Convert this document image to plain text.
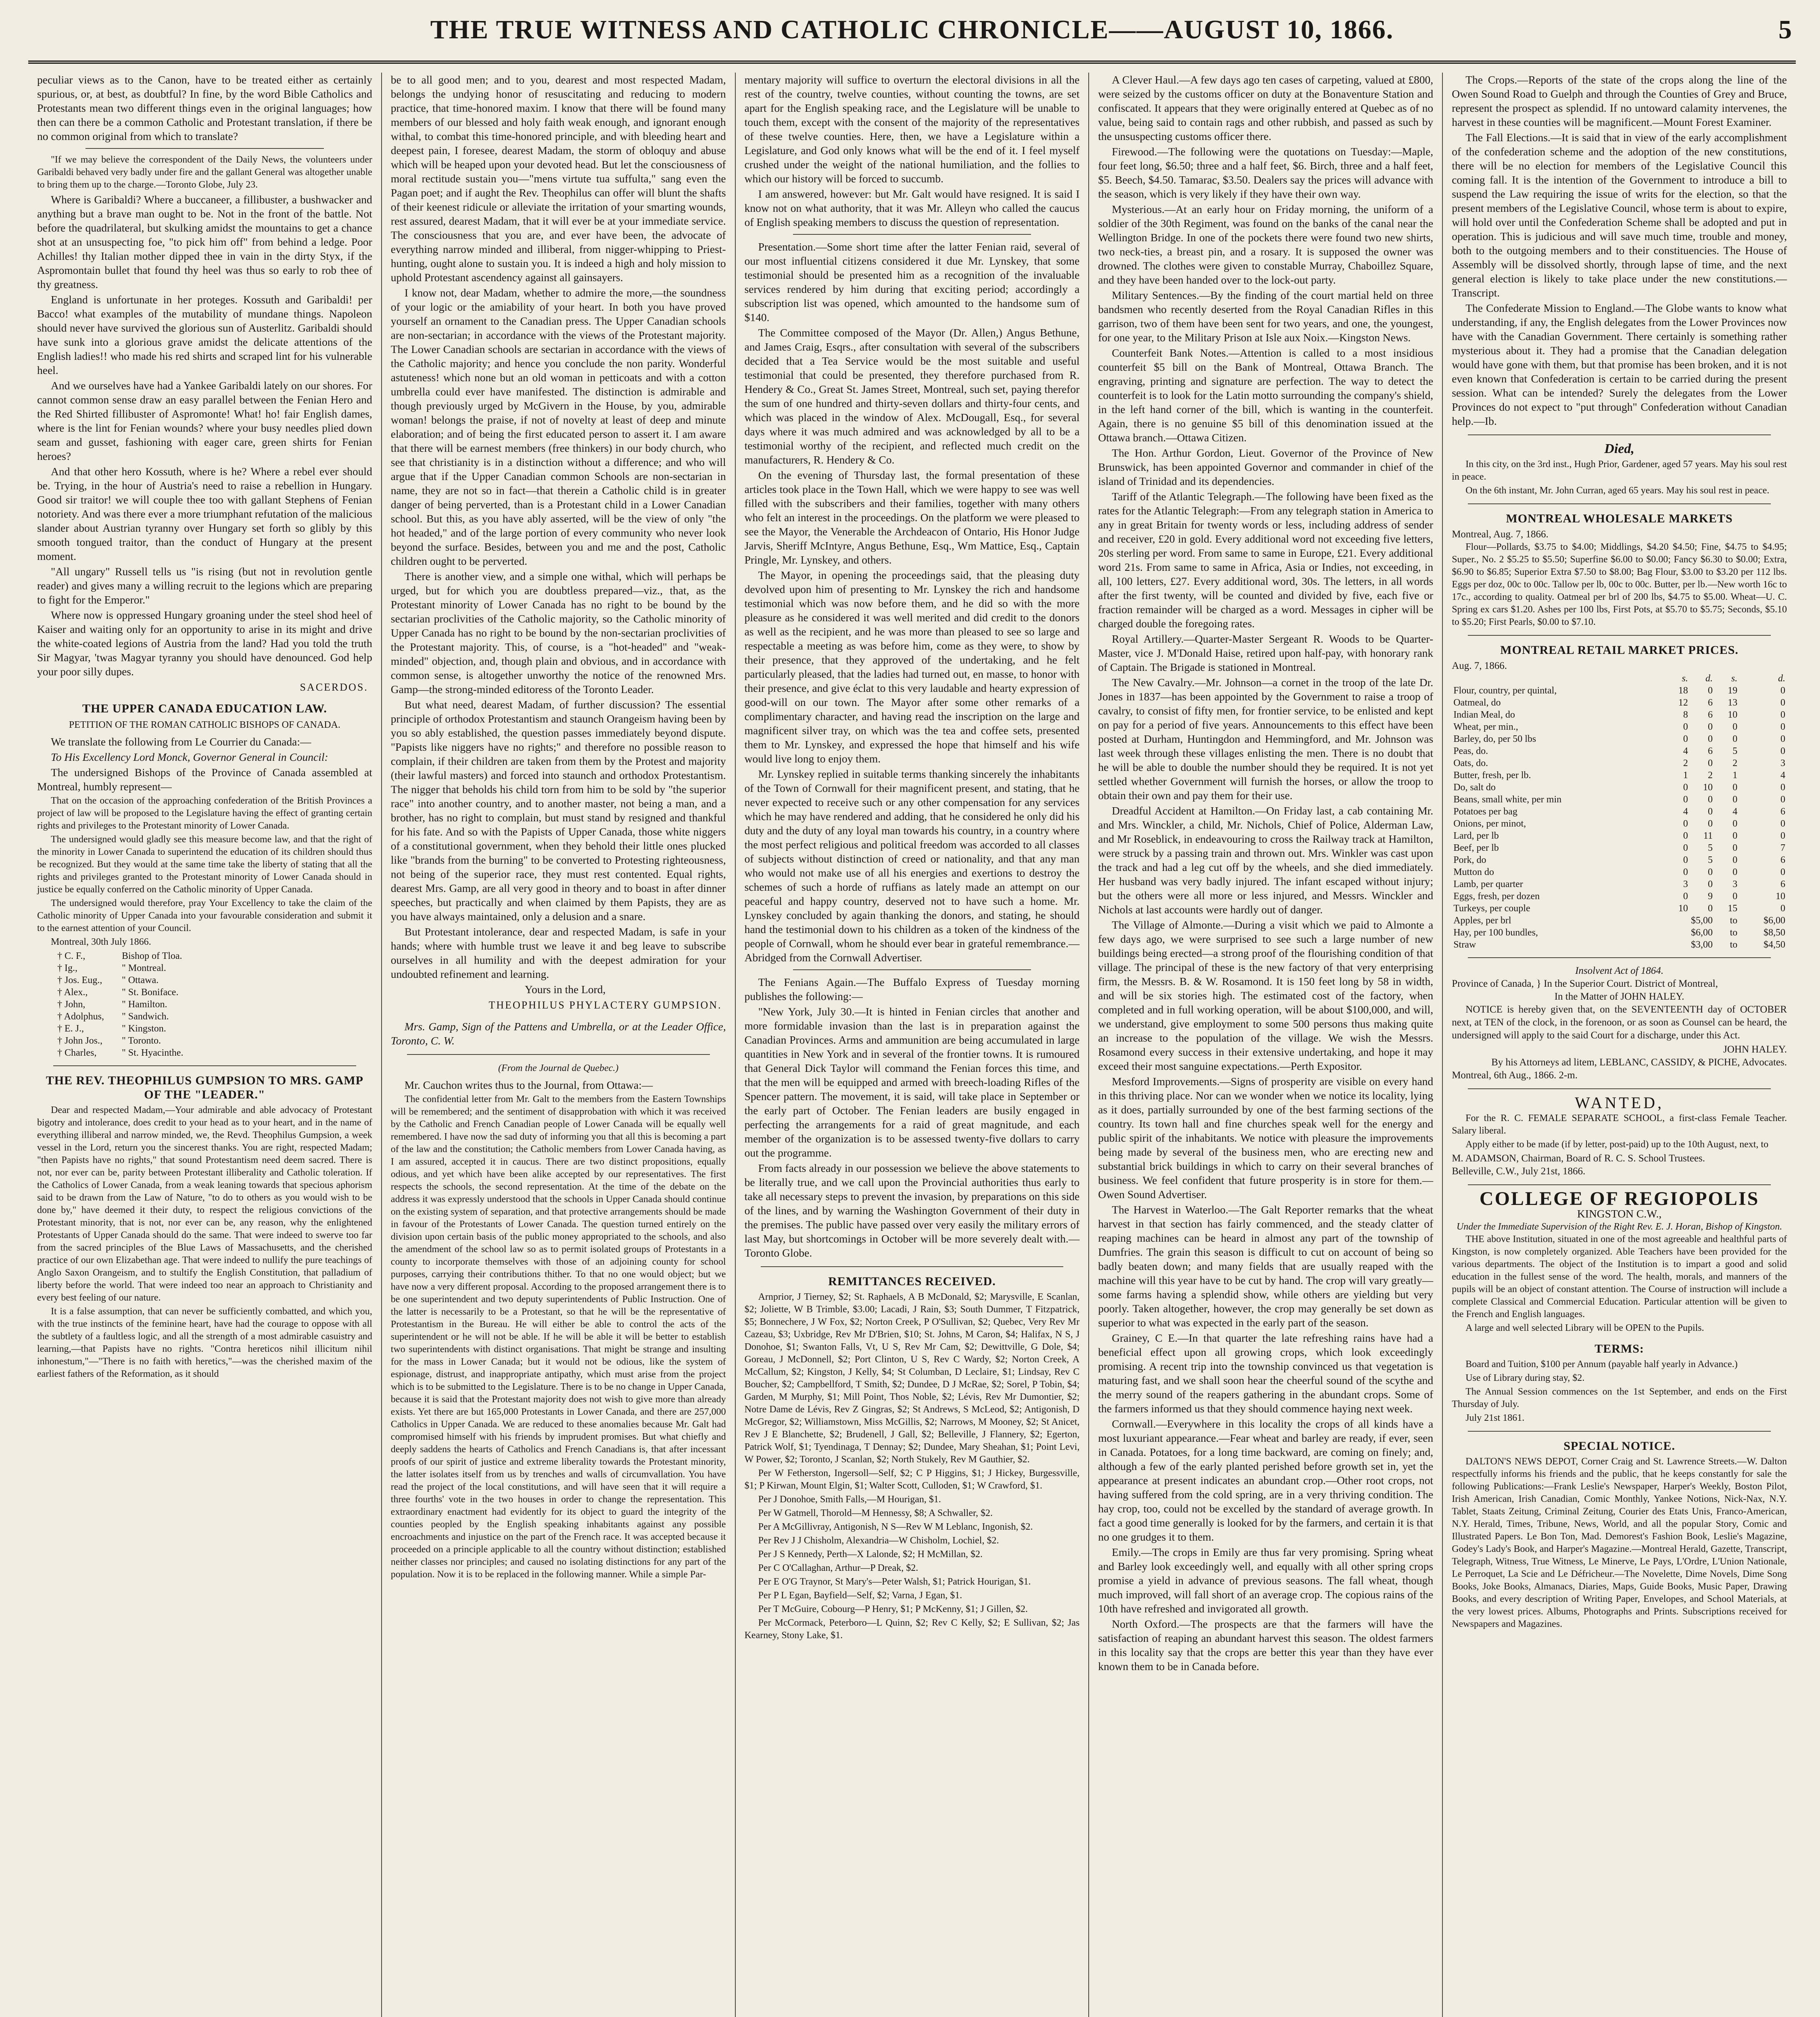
THE TRUE WITNESS AND CATHOLIC CHRONICLE——AUGUST 10, 1866.	5

peculiar views as to the Canon, have to be treated either as certainly spurious, or, at best, as doubtful? In fine, by the word Bible Catholics and Protestants mean two different things even in the original languages; how then can there be a common Catholic and Protestant translation, if there be no common original from which to translate?

"If we may believe the correspondent of the Daily News, the volunteers under Garibaldi behaved very badly under fire and the gallant General was altogether unable to bring them up to the charge.—Toronto Globe, July 23.

Where is Garibaldi? Where a buccaneer, a fillibuster, a bushwacker and anything but a brave man ought to be. Not in the front of the battle. Not before the quadrilateral, but skulking amidst the mountains to get a chance shot at an unsuspecting foe, "to pick him off" from behind a ledge. Poor Achilles! thy Italian mother dipped thee in vain in the dirty Styx, if the Aspromontain bullet that found thy heel was thus so early to rob thee of thy greatness.

England is unfortunate in her proteges. Kossuth and Garibaldi! per Bacco! what examples of the mutability of mundane things. Napoleon should never have survived the glorious sun of Austerlitz. Garibaldi should have sunk into a glorious grave amidst the delicate attentions of the English ladies!! who made his red shirts and scraped lint for his vulnerable heel.

And we ourselves have had a Yankee Garibaldi lately on our shores. For cannot common sense draw an easy parallel between the Fenian Hero and the Red Shirted fillibuster of Aspromonte! What! ho! fair English dames, where is the lint for Fenian wounds? where your busy needles plied down seam and gusset, fashioning with eager care, green shirts for Fenian heroes?

And that other hero Kossuth, where is he? Where a rebel ever should be. Trying, in the hour of Austria's need to raise a rebellion in Hungary. Good sir traitor! we will couple thee too with gallant Stephens of Fenian notoriety. And was there ever a more triumphant refutation of the malicious slander about Austrian tyranny over Hungary set forth so glibly by this smooth tongued traitor, than the conduct of Hungary at the present moment.

"All ungary" Russell tells us "is rising (but not in revolution gentle reader) and gives many a willing recruit to the legions which are preparing to fight for the Emperor."

Where now is oppressed Hungary groaning under the steel shod heel of Kaiser and waiting only for an opportunity to arise in its might and drive the white-coated legions of Austria from the land? Had you told the truth Sir Magyar, 'twas Magyar tyranny you should have denounced. God help your poor silly dupes.

SACERDOS.
THE UPPER CANADA EDUCATION LAW.
PETITION OF THE ROMAN CATHOLIC BISHOPS OF CANADA.

We translate the following from Le Courrier du Canada:—

To His Excellency Lord Monck, Governor General in Council:

The undersigned Bishops of the Province of Canada assembled at Montreal, humbly represent—

That on the occasion of the approaching confederation of the British Provinces a project of law will be proposed to the Legislature having the effect of granting certain rights and privileges to the Protestant minority of Lower Canada.

The undersigned would gladly see this measure become law, and that the right of the minority in Lower Canada to superintend the education of its children should thus be recognized. But they would at the same time take the liberty of stating that all the rights and privileges granted to the Protestant minority of Lower Canada should in justice be equally conferred on the Catholic minority of Upper Canada.

The undersigned would therefore, pray Your Excellency to take the claim of the Catholic minority of Upper Canada into your favourable consideration and submit it to the earnest attention of your Council.

Montreal, 30th July 1866.

† C. F.,	Bishop of Tloa.
† Ig.,	" Montreal.
† Jos. Eug., " Ottawa.
† Alex.,	" St. Boniface.
† John,	" Hamilton.
† Adolphus, " Sandwich.
† E. J.,	" Kingston.
† John Jos., " Toronto.
† Charles,	" St. Hyacinthe.
THE REV. THEOPHILUS GUMPSION TO MRS. GAMP OF THE "LEADER."

Dear and respected Madam,—Your admirable and able advocacy of Protestant bigotry and intolerance, does credit to your head as to your heart, and in the name of everything illiberal and narrow minded, we, the Revd. Theophilus Gumpsion, a week vessel in the Lord, return you the sincerest thanks. You are right, respected Madam; "then Papists have no rights," that sound Protestantism need deem sacred. There is not, nor ever can be, parity between Protestant illiberality and Catholic toleration. If the Catholics of Lower Canada, from a weak leaning towards that specious aphorism said to be drawn from the Law of Nature, "to do to others as you would wish to be done by," have deemed it their duty, to respect the religious convictions of the Protestant minority, that is not, nor ever can be, any reason, why the enlightened Protestants of Upper Canada should do the same. That were indeed to swerve too far from the sacred principles of the Blue Laws of Massachusetts, and the cherished practice of our own Elizabethan age. That were indeed to nullify the pure teachings of Anglo Saxon Orangeism, and to stultify the English Constitution, that palladium of liberty before the world. That were indeed too near an approach to Christianity and every best feeling of our nature.

It is a false assumption, that can never be sufficiently combatted, and which you, with the true instincts of the feminine heart, have had the courage to oppose with all the subtlety of a faultless logic, and all the strength of a most admirable casuistry and learning,—that Papists have no rights. "Contra hereticos nihil illicitum nihil inhonestum,"—"There is no faith with heretics,"—was the cherished maxim of the earliest fathers of the Reformation, as it should

be to all good men; and to you, dearest and most respected Madam, belongs the undying honor of resuscitating and reducing to modern practice, that time-honored maxim. I know that there will be found many members of our blessed and holy faith weak enough, and ignorant enough withal, to combat this time-honored principle, and with bleeding heart and deepest pain, I foresee, dearest Madam, the storm of obloquy and abuse which will be heaped upon your devoted head. But let the consciousness of moral rectitude sustain you—"mens virtute tua suffulta," sang even the Pagan poet; and if aught the Rev. Theophilus can offer will blunt the shafts of their keenest ridicule or alleviate the irritation of your smarting wounds, rest assured, dearest Madam, that it will ever be at your immediate service. The consciousness that you are, and ever have been, the advocate of everything narrow minded and illiberal, from nigger-whipping to Priest-hunting, ought alone to sustain you. It is indeed a high and holy mission to uphold Protestant ascendency against all gainsayers.

I know not, dear Madam, whether to admire the more,—the soundness of your logic or the amiability of your heart. In both you have proved yourself an ornament to the Canadian press. The Upper Canadian schools are non-sectarian; in accordance with the views of the Protestant majority. The Lower Canadian schools are sectarian in accordance with the views of the Catholic majority; and hence you conclude the non parity. Wonderful astuteness! which none but an old woman in petticoats and with a cotton umbrella could ever have manifested. The distinction is admirable and though previously urged by McGivern in the House, by you, admirable woman! belongs the praise, if not of novelty at least of deep and minute elaboration; and of being the first educated person to assert it. I am aware that there will be earnest members (free thinkers) in our body church, who see that christianity is in a distinction without a difference; and who will argue that if the Upper Canadian common Schools are non-sectarian in name, they are not so in fact—that therein a Catholic child is in greater danger of being perverted, than is a Protestant child in a Lower Canadian school. But this, as you have ably asserted, will be the view of only "the hot headed," and of the large portion of every community who never look beyond the surface. Besides, between you and me and the post, Catholic children ought to be perverted.

There is another view, and a simple one withal, which will perhaps be urged, but for which you are doubtless prepared—viz., that, as the Protestant minority of Lower Canada has no right to be bound by the sectarian proclivities of the Catholic majority, so the Catholic minority of Upper Canada has no right to be bound by the non-sectarian proclivities of the Protestant majority. This, of course, is a "hot-headed" and "weak-minded" objection, and, though plain and obvious, and in accordance with common sense, is altogether unworthy the notice of the renowned Mrs. Gamp—the strong-minded editoress of the Toronto Leader.

But what need, dearest Madam, of further discussion? The essential principle of orthodox Protestantism and staunch Orangeism having been by you so ably established, the question passes immediately beyond dispute. "Papists like niggers have no rights;" and therefore no possible reason to complain, if their children are taken from them by the Protest and majority (their lawful masters) and forced into staunch and orthodox Protestantism. The nigger that beholds his child torn from him to be sold by "the superior race" into another country, and to another master, not being a man, and a brother, has no right to complain, but must stand by resigned and thankful for his fate. And so with the Papists of Upper Canada, those white niggers of a constitutional government, when they behold their little ones plucked like "brands from the burning" to be converted to Protesting righteousness, not being of the superior race, they must rest contented. Equal rights, dearest Mrs. Gamp, are all very good in theory and to boast in after dinner speeches, but practically and when claimed by them Papists, they are as you have always maintained, only a delusion and a snare.

But Protestant intolerance, dear and respected Madam, is safe in your hands; where with humble trust we leave it and beg leave to subscribe ourselves in all humility and with the deepest admiration for your undoubted refinement and learning.

Yours in the Lord,

THEOPHILUS PHYLACTERY GUMPSION.

Mrs. Gamp, Sign of the Pattens and Umbrella, or at the Leader Office, Toronto, C. W.

(From the Journal de Quebec.)

Mr. Cauchon writes thus to the Journal, from Ottawa:—

The confidential letter from Mr. Galt to the members from the Eastern Townships will be remembered; and the sentiment of disapprobation with which it was received by the Catholic and French Canadian people of Lower Canada will be equally well remembered. I have now the sad duty of informing you that all this is becoming a part of the law and the constitution; the Catholic members from Lower Canada having, as I am assured, accepted it in caucus. There are two distinct propositions, equally odious, and yet which have been alike accepted by our representatives. The first respects the schools, the second representation. At the time of the debate on the address it was expressly understood that the schools in Upper Canada should continue on the existing system of separation, and that protective arrangements should be made in favour of the Protestants of Lower Canada. The question turned entirely on the division upon certain basis of the public money appropriated to the schools, and also the amendment of the school law so as to permit isolated groups of Protestants in a county to incorporate themselves with those of an adjoining county for school purposes, carrying their contributions thither. To that no one would object; but we have now a very different proposal. According to the proposed arrangement there is to be one superintendent and two deputy superintendents of Public Instruction. One of the latter is necessarily to be a Protestant, so that he will be the representative of Protestantism in the Bureau. He will either be able to control the acts of the superintendent or he will not be able. If he will be able it will be better to establish two superintendents with distinct organisations. That might be strange and insulting for the mass in Lower Canada; but it would not be odious, like the system of espionage, distrust, and inappropriate antipathy, which must arise from the project which is to be submitted to the Legislature. There is to be no change in Upper Canada, because it is said that the Protestant majority does not wish to give more than already exists. Yet there are but 165,000 Protestants in Lower Canada, and there are 257,000 Catholics in Upper Canada. We are reduced to these anomalies because Mr. Galt had compromised himself with his friends by imprudent promises. But what chiefly and deeply saddens the hearts of Catholics and French Canadians is, that after incessant proofs of our spirit of justice and extreme liberality towards the Protestant minority, the latter isolates itself from us by trenches and walls of circumvallation. You have read the project of the local constitutions, and will have seen that it will require a three fourths' vote in the two houses in order to change the representation. This extraordinary enactment had evidently for its object to guard the integrity of the counties peopled by the English speaking inhabitants against any possible encroachments and injustice on the part of the French race. It was accepted because it proceeded on a principle applicable to all the country without distinction; established neither classes nor principles; and caused no isolating distinctions for any part of the population. Now it is to be replaced in the following manner. While a simple Par-

mentary majority will suffice to overturn the electoral divisions in all the rest of the country, twelve counties, without counting the towns, are set apart for the English speaking race, and the Legislature will be unable to touch them, except with the consent of the majority of the representatives of these twelve counties. Here, then, we have a Legislature within a Legislature, and God only knows what will be the end of it. I feel myself crushed under the weight of the national humiliation, and the follies to which our history will be forced to succumb.

I am answered, however: but Mr. Galt would have resigned. It is said I know not on what authority, that it was Mr. Alleyn who called the caucus of English speaking members to discuss the question of representation.

Presentation.—Some short time after the latter Fenian raid, several of our most influential citizens considered it due Mr. Lynskey, that some testimonial should be presented him as a recognition of the invaluable services rendered by him during that exciting period; accordingly a subscription list was opened, which amounted to the handsome sum of $140.

The Committee composed of the Mayor (Dr. Allen,) Angus Bethune, and James Craig, Esqrs., after consultation with several of the subscribers decided that a Tea Service would be the most suitable and useful testimonial that could be presented, they therefore purchased from R. Hendery & Co., Great St. James Street, Montreal, such set, paying therefor the sum of one hundred and thirty-seven dollars and thirty-four cents, and which was placed in the window of Alex. McDougall, Esq., for several days where it was much admired and was acknowledged by all to be a testimonial worthy of the recipient, and reflected much credit on the manufacturers, R. Hendery & Co.

On the evening of Thursday last, the formal presentation of these articles took place in the Town Hall, which we were happy to see was well filled with the subscribers and their families, together with many others who felt an interest in the proceedings. On the platform we were pleased to see the Mayor, the Venerable the Archdeacon of Ontario, His Honor Judge Jarvis, Sheriff McIntyre, Angus Bethune, Esq., Wm Mattice, Esq., Captain Pringle, Mr. Lynskey, and others.

The Mayor, in opening the proceedings said, that the pleasing duty devolved upon him of presenting to Mr. Lynskey the rich and handsome testimonial which was now before them, and he did so with the more pleasure as he considered it was well merited and did credit to the donors as well as the recipient, and he was more than pleased to see so large and respectable a meeting as was before him, come as they were, to show by their presence, that they approved of the undertaking, and he felt particularly pleased, that the ladies had turned out, en masse, to honor with their presence, and give éclat to this very laudable and hearty expression of good-will on our town. The Mayor after some other remarks of a complimentary character, and having read the inscription on the large and magnificent silver tray, on which was the tea and coffee sets, presented them to Mr. Lynskey, and expressed the hope that himself and his wife would live long to enjoy them.

Mr. Lynskey replied in suitable terms thanking sincerely the inhabitants of the Town of Cornwall for their magnificent present, and stating, that he never expected to receive such or any other compensation for any services which he may have rendered and adding, that he considered he only did his duty and the duty of any loyal man towards his country, in a country where the most perfect religious and political freedom was accorded to all classes of subjects without distinction of creed or nationality, and that any man who would not make use of all his energies and exertions to destroy the schemes of such a horde of ruffians as lately made an attempt on our peaceful and happy country, deserved not to have such a home. Mr. Lynskey concluded by again thanking the donors, and stating, he should hand the testimonial down to his children as a token of the kindness of the people of Cornwall, whom he should ever bear in grateful remembrance.—Abridged from the Cornwall Advertiser.

The Fenians Again.—The Buffalo Express of Tuesday morning publishes the following:—

"New York, July 30.—It is hinted in Fenian circles that another and more formidable invasion than the last is in preparation against the Canadian Provinces. Arms and ammunition are being accumulated in large quantities in New York and in several of the frontier towns. It is rumoured that General Dick Taylor will command the Fenian forces this time, and that the men will be equipped and armed with breech-loading Rifles of the Spencer pattern. The movement, it is said, will take place in September or the early part of October. The Fenian leaders are busily engaged in perfecting the arrangements for a raid of great magnitude, and each member of the organization is to be assessed twenty-five dollars to carry out the programme.

From facts already in our possession we believe the above statements to be literally true, and we call upon the Provincial authorities thus early to take all necessary steps to prevent the invasion, by preparations on this side of the lines, and by warning the Washington Government of their duty in the premises. The public have passed over very easily the military errors of last May, but shortcomings in October will be more severely dealt with.—Toronto Globe.

REMITTANCES RECEIVED.

Arnprior, J Tierney, $2; St. Raphaels, A B McDonald, $2; Marysville, E Scanlan, $2; Joliette, W B Trimble, $3.00; Lacadi, J Rain, $3; South Dummer, T Fitzpatrick, $5; Bonnechere, J W Fox, $2; Norton Creek, P O'Sullivan, $2; Quebec, Very Rev Mr Cazeau, $3; Uxbridge, Rev Mr D'Brien, $10; St. Johns, M Caron, $4; Halifax, N S, J Donohoe, $1; Swanton Falls, Vt, U S, Rev Mr Cam, $2; Dewittville, G Dole, $4; Goreau, J McDonnell, $2; Port Clinton, U S, Rev C Wardy, $2; Norton Creek, A McCallum, $2; Kingston, J Kelly, $4; St Columban, D Leclaire, $1; Lindsay, Rev C Boucher, $2; Campbellford, T Smith, $2; Dundee, D J McRae, $2; Sorel, P Tobin, $4; Garden, M Murphy, $1; Mill Point, Thos Noble, $2; Lévis, Rev Mr Dumontier, $2; Notre Dame de Lévis, Rev Z Gingras, $2; St Andrews, S McLeod, $2; Antigonish, D McGregor, $2; Williamstown, Miss McGillis, $2; Narrows, M Mooney, $2; St Anicet, Rev J E Blanchette, $2; Brudenell, J Gall, $2; Belleville, J Flannery, $2; Egerton, Patrick Wolf, $1; Tyendinaga, T Dennay; $2; Dundee, Mary Sheahan, $1; Point Levi, W Power, $2; Toronto, J Scanlan, $2; North Stukely, Rev M Gauthier, $2.

Per W Fetherston, Ingersoll—Self, $2; C P Higgins, $1; J Hickey, Burgessville, $1; P Kirwan, Mount Elgin, $1; Walter Scott, Culloden, $1; W Crawford, $1.

Per J Donohoe, Smith Falls,—M Hourigan, $1.

Per W Gatmell, Thorold—M Hennessy, $8; A Schwaller, $2.

Per A McGillivray, Antigonish, N S—Rev W M Leblanc, Ingonish, $2.

Per Rev J J Chisholm, Alexandria—W Chisholm, Lochiel, $2.

Per J S Kennedy, Perth—X Lalonde, $2; H McMillan, $2.

Per C O'Callaghan, Arthur—P Dreak, $2.

Per E O'G Traynor, St Mary's—Peter Walsh, $1; Patrick Hourigan, $1.

Per P L Egan, Bayfield—Self, $2; Varna, J Egan, $1.

Per T McGuire, Cobourg—P Henry, $1; P McKenny, $1; J Gillen, $2.

Per McCormack, Peterboro—L Quinn, $2; Rev C Kelly, $2; E Sullivan, $2; Jas Kearney, Stony Lake, $1.

A Clever Haul.—A few days ago ten cases of carpeting, valued at £800, were seized by the customs officer on duty at the Bonaventure Station and confiscated. It appears that they were originally entered at Quebec as of no value, being said to contain rags and other rubbish, and passed as such by the unsuspecting customs officer there.

Firewood.—The following were the quotations on Tuesday:—Maple, four feet long, $6.50; three and a half feet, $6. Birch, three and a half feet, $5. Beech, $4.50. Tamarac, $3.50. Dealers say the prices will advance with the season, which is very likely if they have their own way.

Mysterious.—At an early hour on Friday morning, the uniform of a soldier of the 30th Regiment, was found on the banks of the canal near the Wellington Bridge. In one of the pockets there were found two new shirts, two neck-ties, a breast pin, and a rosary. It is supposed the owner was drowned. The clothes were given to constable Murray, Chaboillez Square, and they have been handed over to the lock-out party.

Military Sentences.—By the finding of the court martial held on three bandsmen who recently deserted from the Royal Canadian Rifles in this garrison, two of them have been sent for two years, and one, the youngest, for one year, to the Military Prison at Isle aux Noix.—Kingston News.

Counterfeit Bank Notes.—Attention is called to a most insidious counterfeit $5 bill on the Bank of Montreal, Ottawa Branch. The engraving, printing and signature are perfection. The way to detect the counterfeit is to look for the Latin motto surrounding the company's shield, in the left hand corner of the bill, which is wanting in the counterfeit. Again, there is no genuine $5 bill of this denomination issued at the Ottawa branch.—Ottawa Citizen.

The Hon. Arthur Gordon, Lieut. Governor of the Province of New Brunswick, has been appointed Governor and commander in chief of the island of Trinidad and its dependencies.

Tariff of the Atlantic Telegraph.—The following have been fixed as the rates for the Atlantic Telegraph:—From any telegraph station in America to any in great Britain for twenty words or less, including address of sender and receiver, £20 in gold. Every additional word not exceeding five letters, 20s sterling per word. From same to same in Europe, £21. Every additional word 21s. From same to same in Africa, Asia or Indies, not exceeding, in all, 100 letters, £27. Every additional word, 30s. The letters, in all words after the first twenty, will be counted and divided by five, each five or fraction remainder will be charged as a word. Messages in cipher will be charged double the foregoing rates.

Royal Artillery.—Quarter-Master Sergeant R. Woods to be Quarter-Master, vice J. M'Donald Haise, retired upon half-pay, with honorary rank of Captain. The Brigade is stationed in Montreal.

The New Cavalry.—Mr. Johnson—a cornet in the troop of the late Dr. Jones in 1837—has been appointed by the Government to raise a troop of cavalry, to consist of fifty men, for frontier service, to be enlisted and kept on pay for a period of five years. Announcements to this effect have been posted at Durham, Huntingdon and Hemmingford, and Mr. Johnson was last week through these villages enlisting the men. There is no doubt that he will be able to double the number should they be required. It is not yet settled whether Government will furnish the horses, or allow the troop to obtain their own and pay them for their use.

Dreadful Accident at Hamilton.—On Friday last, a cab containing Mr. and Mrs. Winckler, a child, Mr. Nichols, Chief of Police, Alderman Law, and Mr Roseblick, in endeavouring to cross the Railway track at Hamilton, were struck by a passing train and thrown out. Mrs. Winkler was cast upon the track and had a leg cut off by the wheels, and she died immediately. Her husband was very badly injured. The infant escaped without injury; but the others were all more or less injured, and Messrs. Winckler and Nichols at last accounts were hardly out of danger.

The Village of Almonte.—During a visit which we paid to Almonte a few days ago, we were surprised to see such a large number of new buildings being erected—a strong proof of the flourishing condition of that village. The principal of these is the new factory of that very enterprising firm, the Messrs. B. & W. Rosamond. It is 150 feet long by 58 in width, and will be six stories high. The estimated cost of the factory, when completed and in full working operation, will be about $100,000, and will, we understand, give employment to some 500 persons thus making quite an increase to the population of the village. We wish the Messrs. Rosamond every success in their extensive undertaking, and hope it may exceed their most sanguine expectations.—Perth Expositor.

Mesford Improvements.—Signs of prosperity are visible on every hand in this thriving place. Nor can we wonder when we notice its locality, lying as it does, partially surrounded by one of the best farming sections of the country. Its town hall and fine churches speak well for the energy and public spirit of the inhabitants. We notice with pleasure the improvements being made by several of the business men, who are erecting new and substantial brick buildings in which to carry on their several branches of business. We feel confident that future prosperity is in store for them.—Owen Sound Advertiser.

The Harvest in Waterloo.—The Galt Reporter remarks that the wheat harvest in that section has fairly commenced, and the steady clatter of reaping machines can be heard in almost any part of the township of Dumfries. The grain this season is difficult to cut on account of being so badly beaten down; and many fields that are usually reaped with the machine will this year have to be cut by hand. The crop will vary greatly—some farms having a splendid show, while others are yielding but very poorly. Taken altogether, however, the crop may generally be set down as superior to what was expected in the early part of the season.

Grainey, C E.—In that quarter the late refreshing rains have had a beneficial effect upon all growing crops, which look exceedingly promising. A recent trip into the township convinced us that vegetation is maturing fast, and we shall soon hear the cheerful sound of the scythe and the merry sound of the reapers gathering in the abundant crops. Some of the farmers informed us that they should commence haying next week.

Cornwall.—Everywhere in this locality the crops of all kinds have a most luxuriant appearance.—Fear wheat and barley are ready, if ever, seen in Canada. Potatoes, for a long time backward, are coming on finely; and, although a few of the early planted perished before growth set in, yet the appearance at present indicates an abundant crop.—Other root crops, not having suffered from the cold spring, are in a very thriving condition. The hay crop, too, could not be excelled by the standard of average growth. In fact a good time generally is looked for by the farmers, and certain it is that no one grudges it to them.

Emily.—The crops in Emily are thus far very promising. Spring wheat and Barley look exceedingly well, and equally with all other spring crops promise a yield in advance of previous seasons. The fall wheat, though much improved, will fall short of an average crop. The copious rains of the 10th have refreshed and invigorated all growth.

North Oxford.—The prospects are that the farmers will have the satisfaction of reaping an abundant harvest this season. The oldest farmers in this locality say that the crops are better this year than they have ever known them to be in Canada before.

The Crops.—Reports of the state of the crops along the line of the Owen Sound Road to Guelph and through the Counties of Grey and Bruce, represent the prospect as splendid. If no untoward calamity intervenes, the harvest in these counties will be magnificent.—Mount Forest Examiner.

The Fall Elections.—It is said that in view of the early accomplishment of the confederation scheme and the adoption of the new constitutions, there will be no election for members of the Legislative Council this coming fall. It is the intention of the Government to introduce a bill to suspend the Law requiring the issue of writs for the election, so that the present members of the Legislative Council, whose term is about to expire, will hold over until the Confederation Scheme shall be adopted and put in operation. This is judicious and will save much time, trouble and money, both to the outgoing members and to their constituencies. The House of Assembly will be dissolved shortly, through lapse of time, and the next general election is likely to take place under the new constitutions.—Transcript.

The Confederate Mission to England.—The Globe wants to know what understanding, if any, the English delegates from the Lower Provinces now have with the Canadian Government. There certainly is something rather mysterious about it. They had a promise that the Canadian delegation would have gone with them, but that promise has been broken, and it is not even known that Confederation is certain to be carried during the present session. What can be intended? Surely the delegates from the Lower Provinces do not expect to "put through" Confederation without Canadian help.—Ib.

Died,

In this city, on the 3rd inst., Hugh Prior, Gardener, aged 57 years. May his soul rest in peace.

On the 6th instant, Mr. John Curran, aged 65 years. May his soul rest in peace.

MONTREAL WHOLESALE MARKETS
Montreal, Aug. 7, 1866.

Flour—Pollards, $3.75 to $4.00; Middlings, $4.20 $4.50; Fine, $4.75 to $4.95; Super., No. 2 $5.25 to $5.50; Superfine $6.00 to $0.00; Fancy $6.30 to $0.00; Extra, $6.90 to $6.85; Superior Extra $7.50 to $8.00; Bag Flour, $3.00 to $3.20 per 112 lbs. Eggs per doz, 00c to 00c. Tallow per lb, 00c to 00c. Butter, per lb.—New worth 16c to 17c., according to quality. Oatmeal per brl of 200 lbs, $4.75 to $5.00. Wheat—U. C. Spring ex cars $1.20. Ashes per 100 lbs, First Pots, at $5.70 to $5.75; Seconds, $5.10 to $5.20; First Pearls, $0.00 to $7.10.

MONTREAL RETAIL MARKET PRICES.
Aug. 7, 1866.
	s.	d.	s.	d.
Flour, country, per quintal,	18	0	19	0
Oatmeal, do	12	6	13	0
Indian Meal, do	8	6	10	0
Wheat, per min.,	0	0	0	0
Barley, do, per 50 lbs	0	0	0	0
Peas, do.	4	6	5	0
Oats, do.	2	0	2	3
Butter, fresh, per lb.	1	2	1	4
Do, salt do	0	10	0	0
Beans, small white, per min	0	0	0	0
Potatoes per bag	4	0	4	6
Onions, per minot,	0	0	0	0
Lard, per lb	0	11	0	0
Beef, per lb	0	5	0	7
Pork, do	0	5	0	6
Mutton do	0	0	0	0
Lamb, per quarter	3	0	3	6
Eggs, fresh, per dozen	0	9	0	10
Turkeys, per couple	10	0	15	0
Apples, per brl	$5,00		to	$6,00
Hay, per 100 bundles,	$6,00		to	$8,50
Straw	$3,00		to	$4,50
Insolvent Act of 1864.
Province of Canada, } In the Superior Court. District of Montreal,
In the Matter of JOHN HALEY.

NOTICE is hereby given that, on the SEVENTEENTH day of OCTOBER next, at TEN of the clock, in the forenoon, or as soon as Counsel can be heard, the undersigned will apply to the said Court for a discharge, under this Act.

JOHN HALEY.
By his Attorneys ad litem, LEBLANC, CASSIDY, & PICHE, Advocates.
Montreal, 6th Aug., 1866. 2-m.
WANTED,

For the R. C. FEMALE SEPARATE SCHOOL, a first-class Female Teacher. Salary liberal.

Apply either to be made (if by letter, post-paid) up to the 10th August, next, to

M. ADAMSON, Chairman, Board of R. C. S. School Trustees.
Belleville, C.W., July 21st, 1866.
COLLEGE OF REGIOPOLIS
KINGSTON C.W.,
Under the Immediate Supervision of the Right Rev. E. J. Horan, Bishop of Kingston.

THE above Institution, situated in one of the most agreeable and healthful parts of Kingston, is now completely organized. Able Teachers have been provided for the various departments. The object of the Institution is to impart a good and solid education in the fullest sense of the word. The health, morals, and manners of the pupils will be an object of constant attention. The Course of instruction will include a complete Classical and Commercial Education. Particular attention will be given to the French and English languages.

A large and well selected Library will be OPEN to the Pupils.

TERMS:

Board and Tuition, $100 per Annum (payable half yearly in Advance.)

Use of Library during stay, $2.

The Annual Session commences on the 1st September, and ends on the First Thursday of July.

July 21st 1861.

SPECIAL NOTICE.

DALTON'S NEWS DEPOT, Corner Craig and St. Lawrence Streets.—W. Dalton respectfully informs his friends and the public, that he keeps constantly for sale the following Publications:—Frank Leslie's Newspaper, Harper's Weekly, Boston Pilot, Irish American, Irish Canadian, Comic Monthly, Yankee Notions, Nick-Nax, N.Y. Tablet, Staats Zeitung, Criminal Zeitung, Courier des Etats Unis, Franco-American, N.Y. Herald, Times, Tribune, News, World, and all the popular Story, Comic and Illustrated Papers. Le Bon Ton, Mad. Demorest's Fashion Book, Leslie's Magazine, Godey's Lady's Book, and Harper's Magazine.—Montreal Herald, Gazette, Transcript, Telegraph, Witness, True Witness, Le Minerve, Le Pays, L'Ordre, L'Union Nationale, Le Perroquet, La Scie and Le Défricheur.—The Novelette, Dime Novels, Dime Song Books, Joke Books, Almanacs, Diaries, Maps, Guide Books, Music Paper, Drawing Books, and every description of Writing Paper, Envelopes, and School Materials, at the very lowest prices. Albums, Photographs and Prints. Subscriptions received for Newspapers and Magazines.
